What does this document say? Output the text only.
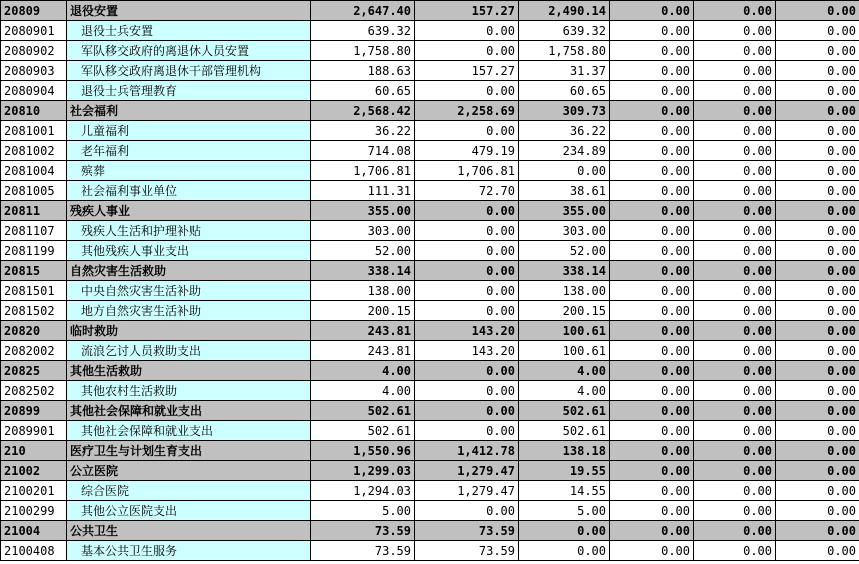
20809	退役安置	2,647.40	157.27	2,490.14	0.00	0.00	0.00
2080901	退役士兵安置	639.32	0.00	639.32	0.00	0.00	0.00
2080902	军队移交政府的离退休人员安置	1,758.80	0.00	1,758.80	0.00	0.00	0.00
2080903	军队移交政府离退休干部管理机构	188.63	157.27	31.37	0.00	0.00	0.00
2080904	退役士兵管理教育	60.65	0.00	60.65	0.00	0.00	0.00
20810	社会福利	2,568.42	2,258.69	309.73	0.00	0.00	0.00
2081001	儿童福利	36.22	0.00	36.22	0.00	0.00	0.00
2081002	老年福利	714.08	479.19	234.89	0.00	0.00	0.00
2081004	殡葬	1,706.81	1,706.81	0.00	0.00	0.00	0.00
2081005	社会福利事业单位	111.31	72.70	38.61	0.00	0.00	0.00
20811	残疾人事业	355.00	0.00	355.00	0.00	0.00	0.00
2081107	残疾人生活和护理补贴	303.00	0.00	303.00	0.00	0.00	0.00
2081199	其他残疾人事业支出	52.00	0.00	52.00	0.00	0.00	0.00
20815	自然灾害生活救助	338.14	0.00	338.14	0.00	0.00	0.00
2081501	中央自然灾害生活补助	138.00	0.00	138.00	0.00	0.00	0.00
2081502	地方自然灾害生活补助	200.15	0.00	200.15	0.00	0.00	0.00
20820	临时救助	243.81	143.20	100.61	0.00	0.00	0.00
2082002	流浪乞讨人员救助支出	243.81	143.20	100.61	0.00	0.00	0.00
20825	其他生活救助	4.00	0.00	4.00	0.00	0.00	0.00
2082502	其他农村生活救助	4.00	0.00	4.00	0.00	0.00	0.00
20899	其他社会保障和就业支出	502.61	0.00	502.61	0.00	0.00	0.00
2089901	其他社会保障和就业支出	502.61	0.00	502.61	0.00	0.00	0.00
210	医疗卫生与计划生育支出	1,550.96	1,412.78	138.18	0.00	0.00	0.00
21002	公立医院	1,299.03	1,279.47	19.55	0.00	0.00	0.00
2100201	综合医院	1,294.03	1,279.47	14.55	0.00	0.00	0.00
2100299	其他公立医院支出	5.00	0.00	5.00	0.00	0.00	0.00
21004	公共卫生	73.59	73.59	0.00	0.00	0.00	0.00
2100408	基本公共卫生服务	73.59	73.59	0.00	0.00	0.00	0.00
